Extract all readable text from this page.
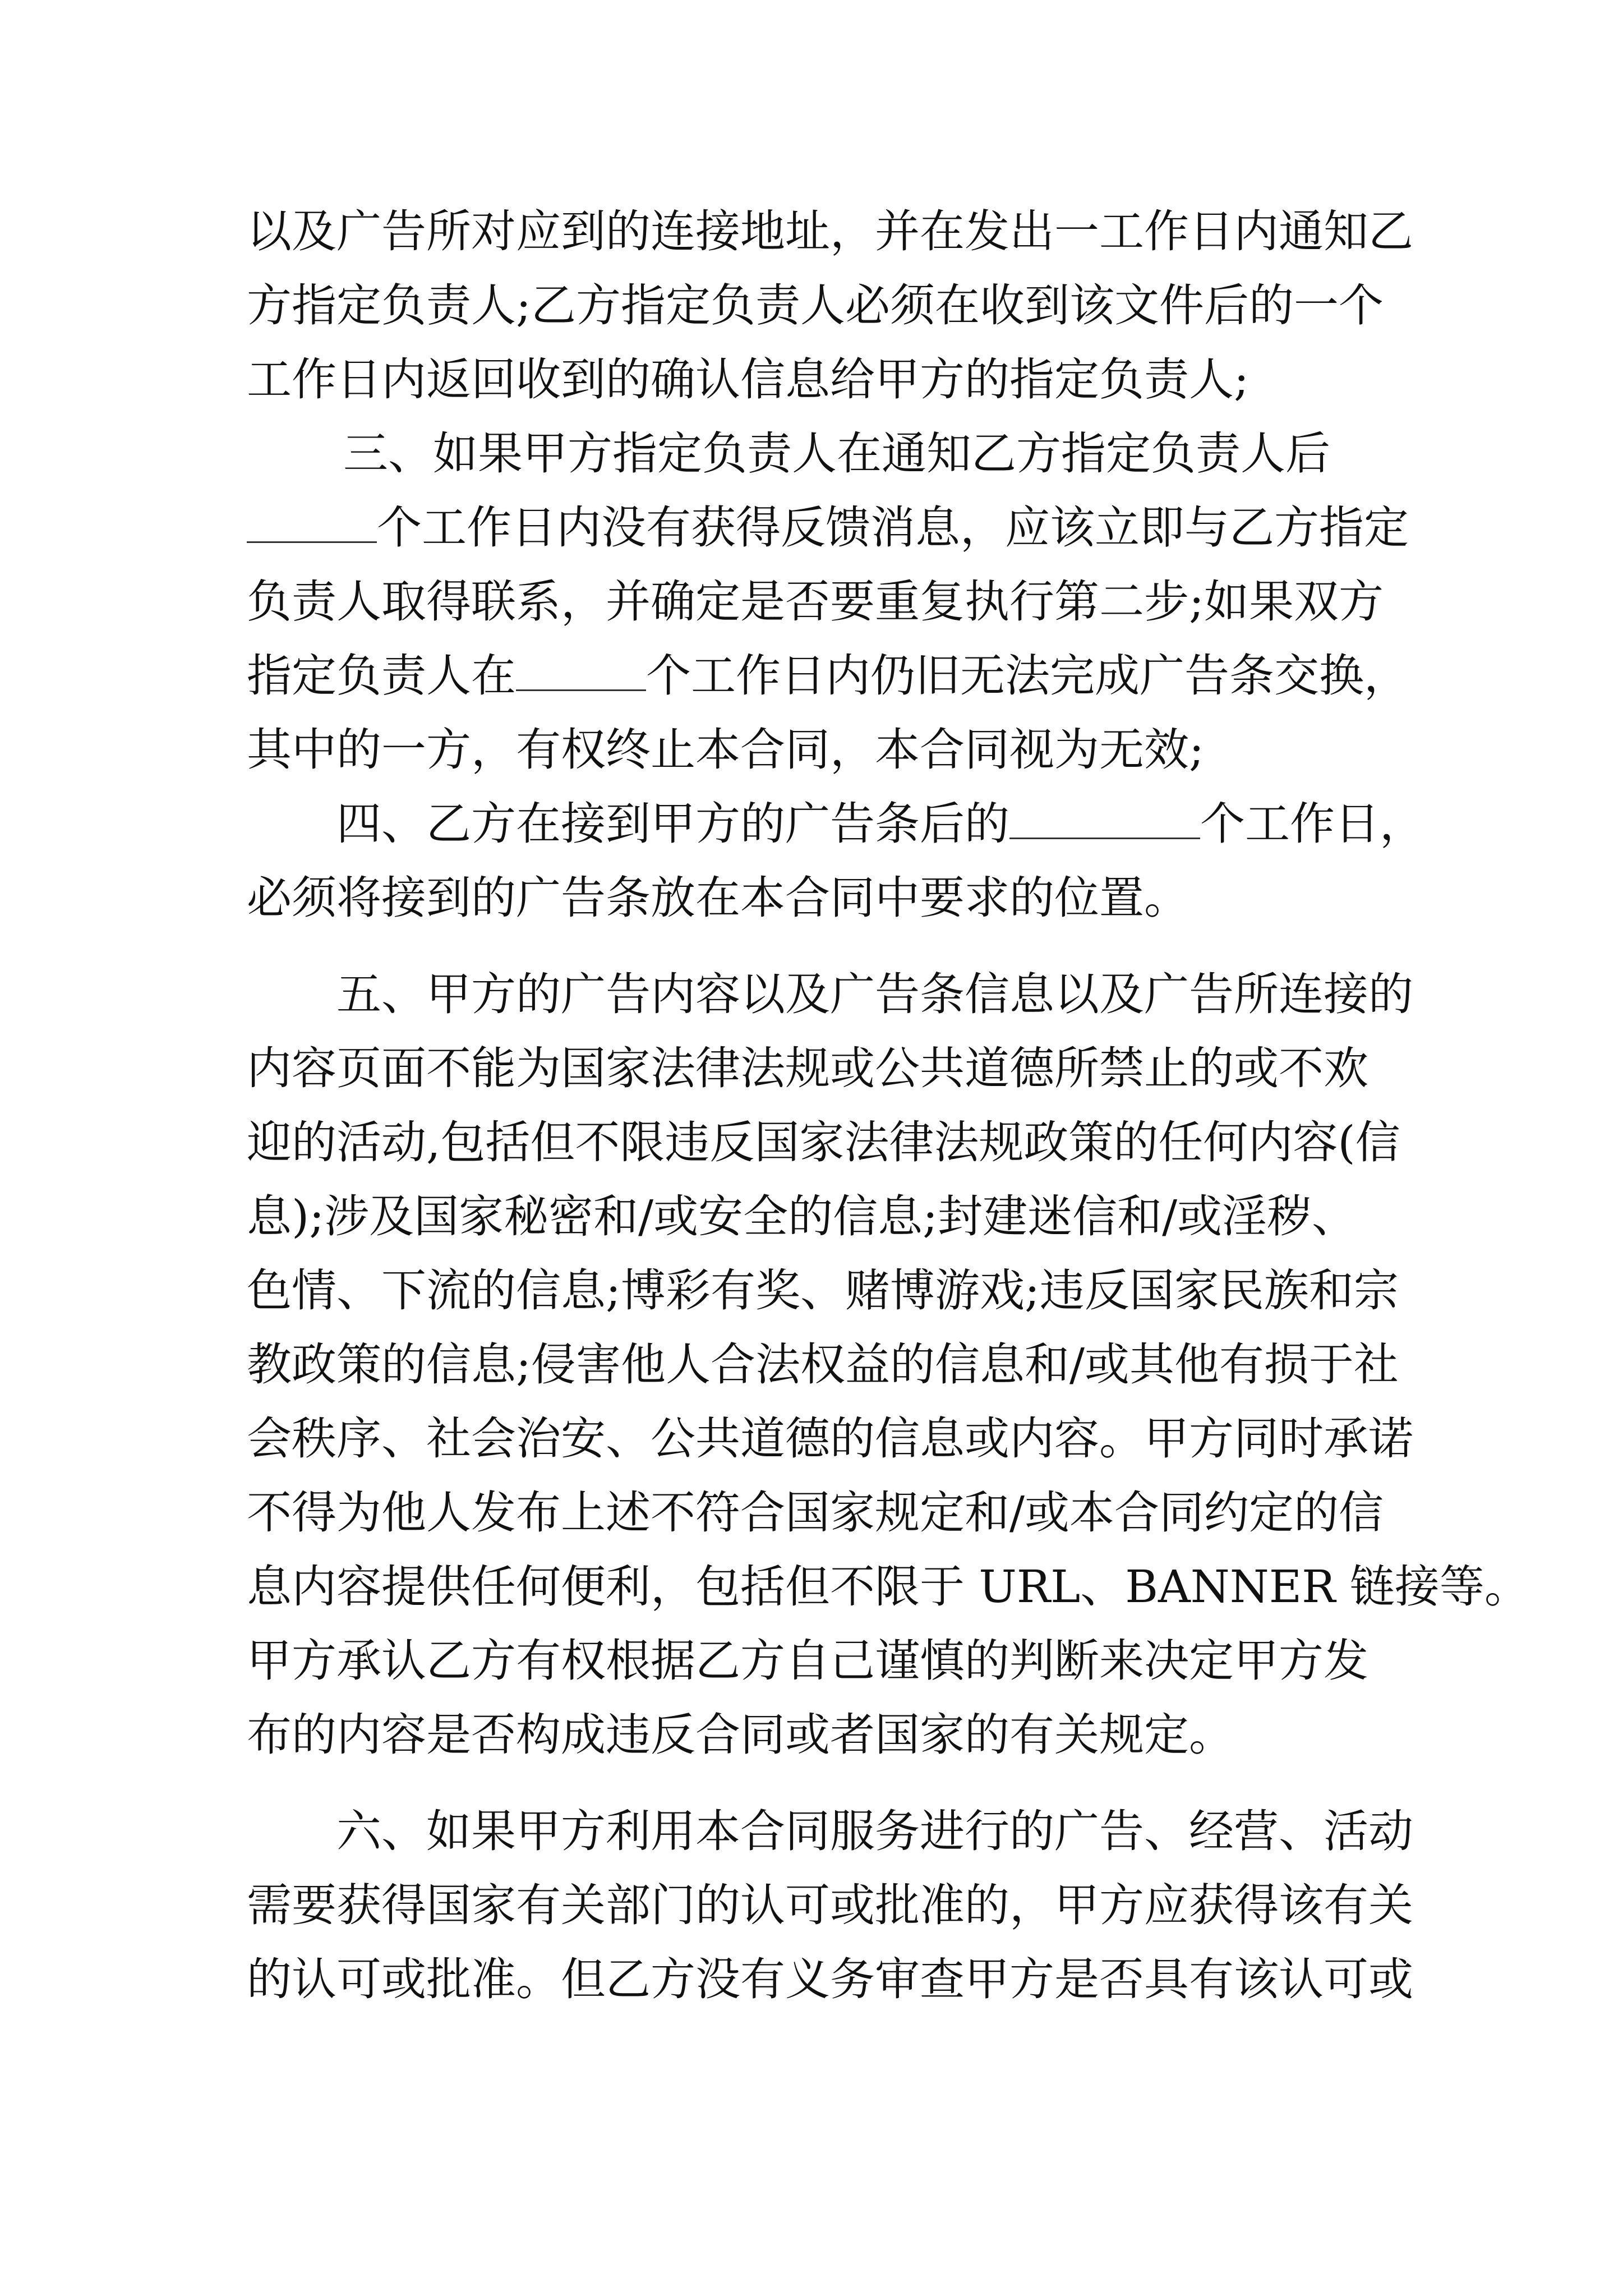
以及广告所对应到的连接地址，并在发出一工作日内通知乙
方指定负责人;乙方指定负责人必须在收到该文件后的一个
工作日内返回收到的确认信息给甲方的指定负责人;
三、如果甲方指定负责人在通知乙方指定负责人后
个工作日内没有获得反馈消息，应该立即与乙方指定
负责人取得联系，并确定是否要重复执行第二步;如果双方
指定负责人在	个工作日内仍旧无法完成广告条交换，
其中的一方，有权终止本合同，本合同视为无效;
四、乙方在接到甲方的广告条后的	个工作日，
必须将接到的广告条放在本合同中要求的位置。
五、甲方的广告内容以及广告条信息以及广告所连接的
内容页面不能为国家法律法规或公共道德所禁止的或不欢
迎的活动,包括但不限违反国家法律法规政策的任何内容(信
息);涉及国家秘密和/或安全的信息;封建迷信和/或淫秽、
色情、下流的信息;博彩有奖、赌博游戏;违反国家民族和宗
教政策的信息;侵害他人合法权益的信息和/或其他有损于社
会秩序、社会治安、公共道德的信息或内容。甲方同时承诺
不得为他人发布上述不符合国家规定和/或本合同约定的信
息内容提供任何便利，包括但不限于 URL、BANNER 链接等。
甲方承认乙方有权根据乙方自己谨慎的判断来决定甲方发
布的内容是否构成违反合同或者国家的有关规定。
六、如果甲方利用本合同服务进行的广告、经营、活动
需要获得国家有关部门的认可或批准的，甲方应获得该有关
的认可或批准。但乙方没有义务审查甲方是否具有该认可或
